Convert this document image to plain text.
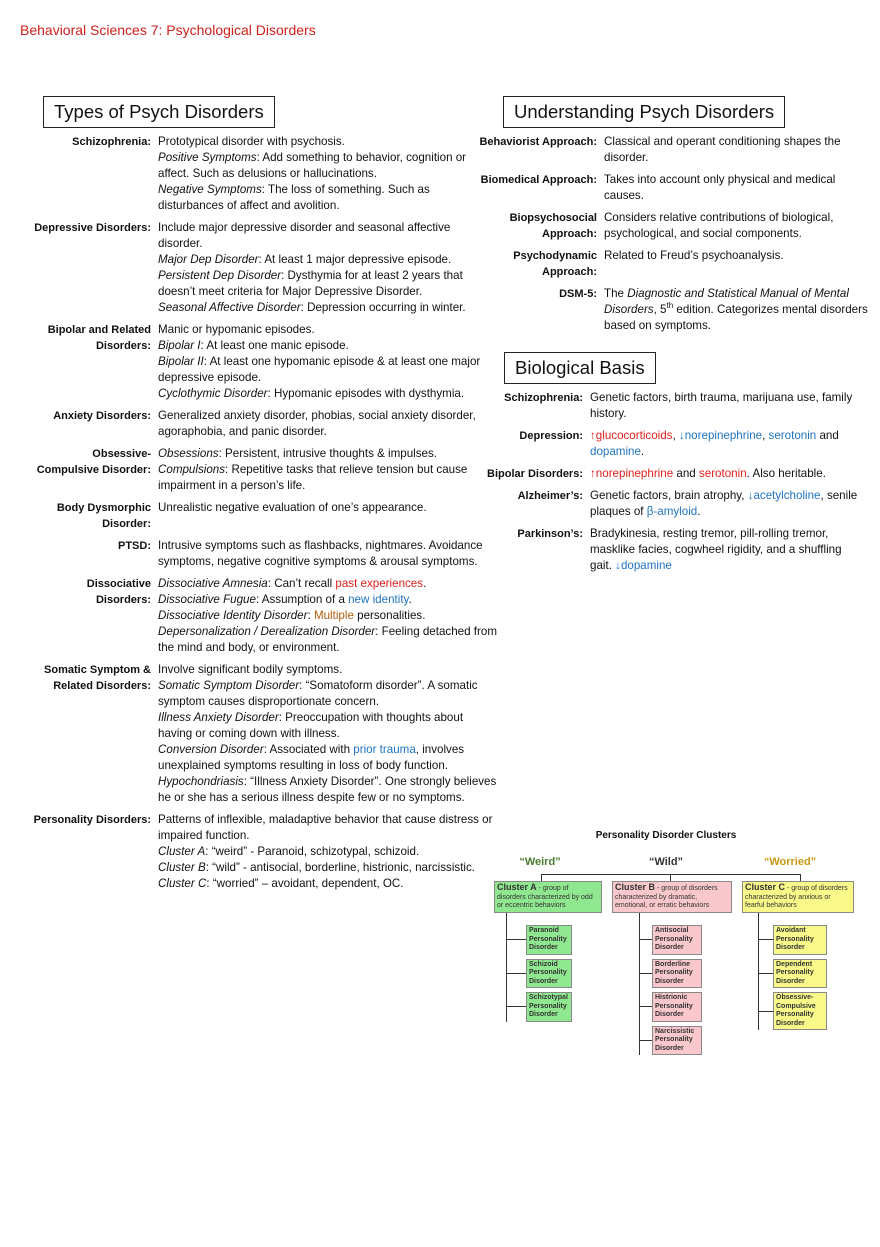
Behavioral Sciences 7: Psychological Disorders
Types of Psych Disorders
Schizophrenia: Prototypical disorder with psychosis.
Positive Symptoms: Add something to behavior, cognition or affect. Such as delusions or hallucinations.
Negative Symptoms: The loss of something. Such as disturbances of affect and avolition.
Depressive Disorders: Include major depressive disorder and seasonal affective disorder.
Major Dep Disorder: At least 1 major depressive episode.
Persistent Dep Disorder: Dysthymia for at least 2 years that doesn’t meet criteria for Major Depressive Disorder.
Seasonal Affective Disorder: Depression occurring in winter.
Bipolar and Related Disorders:
Manic or hypomanic episodes.
Bipolar I: At least one manic episode.
Bipolar II: At least one hypomanic episode & at least one major depressive episode.
Cyclothymic Disorder: Hypomanic episodes with dysthymia.
Anxiety Disorders: Generalized anxiety disorder, phobias, social anxiety disorder, agoraphobia, and panic disorder.
Obsessive-Compulsive Disorder:
Obsessions: Persistent, intrusive thoughts & impulses.
Compulsions: Repetitive tasks that relieve tension but cause impairment in a person’s life.
Body Dysmorphic Disorder:
Unrealistic negative evaluation of one’s appearance.
PTSD: Intrusive symptoms such as flashbacks, nightmares. Avoidance symptoms, negative cognitive symptoms & arousal symptoms.
Dissociative Disorders:
Dissociative Amnesia: Can’t recall past experiences.
Dissociative Fugue: Assumption of a new identity.
Dissociative Identity Disorder: Multiple personalities.
Depersonalization / Derealization Disorder: Feeling detached from the mind and body, or environment.
Somatic Symptom & Related Disorders:
Involve significant bodily symptoms.
Somatic Symptom Disorder: “Somatoform disorder”. A somatic symptom causes disproportionate concern.
Illness Anxiety Disorder: Preoccupation with thoughts about having or coming down with illness.
Conversion Disorder: Associated with prior trauma, involves unexplained symptoms resulting in loss of body function.
Hypochondriasis: “Illness Anxiety Disorder”. One strongly believes he or she has a serious illness despite few or no symptoms.
Personality Disorders: Patterns of inflexible, maladaptive behavior that cause distress or impaired function.
Cluster A: “weird” - Paranoid, schizotypal, schizoid.
Cluster B: “wild” - antisocial, borderline, histrionic, narcissistic.
Cluster C: “worried” – avoidant, dependent, OC.
Understanding Psych Disorders
Behaviorist Approach: Classical and operant conditioning shapes the disorder.
Biomedical Approach: Takes into account only physical and medical causes.
Biopsychosocial Approach:
Considers relative contributions of biological, psychological, and social components.
Psychodynamic Approach:
Related to Freud’s psychoanalysis.
DSM-5: The Diagnostic and Statistical Manual of Mental Disorders, 5th edition. Categorizes mental disorders based on symptoms.
Biological Basis
Schizophrenia: Genetic factors, birth trauma, marijuana use, family history.
Depression: ↑glucocorticoids, ↓norepinephrine, serotonin and dopamine.
Bipolar Disorders: ↑norepinephrine and serotonin. Also heritable.
Alzheimer’s: Genetic factors, brain atrophy, ↓acetylcholine, senile plaques of β-amyloid.
Parkinson’s: Bradykinesia, resting tremor, pill-rolling tremor, masklike facies, cogwheel rigidity, and a shuffling gait. ↓dopamine
Personality Disorder Clusters
“Weird”	“Wild”	“Worried”
Cluster A - group of disorders characterized by odd or eccentric behaviors
Cluster B - group of disorders characterized by dramatic, emotional, or erratic behaviors
Cluster C - group of disorders characterized by anxious or fearful behaviors
Paranoid Personality Disorder
Schizoid Personality Disorder
Schizotypal Personality Disorder
Antisocial Personality Disorder
Borderline Personality Disorder
Histrionic Personality Disorder
Narcissistic Personality Disorder
Avoidant Personality Disorder
Dependent Personality Disorder
Obsessive-Compulsive Personality Disorder
